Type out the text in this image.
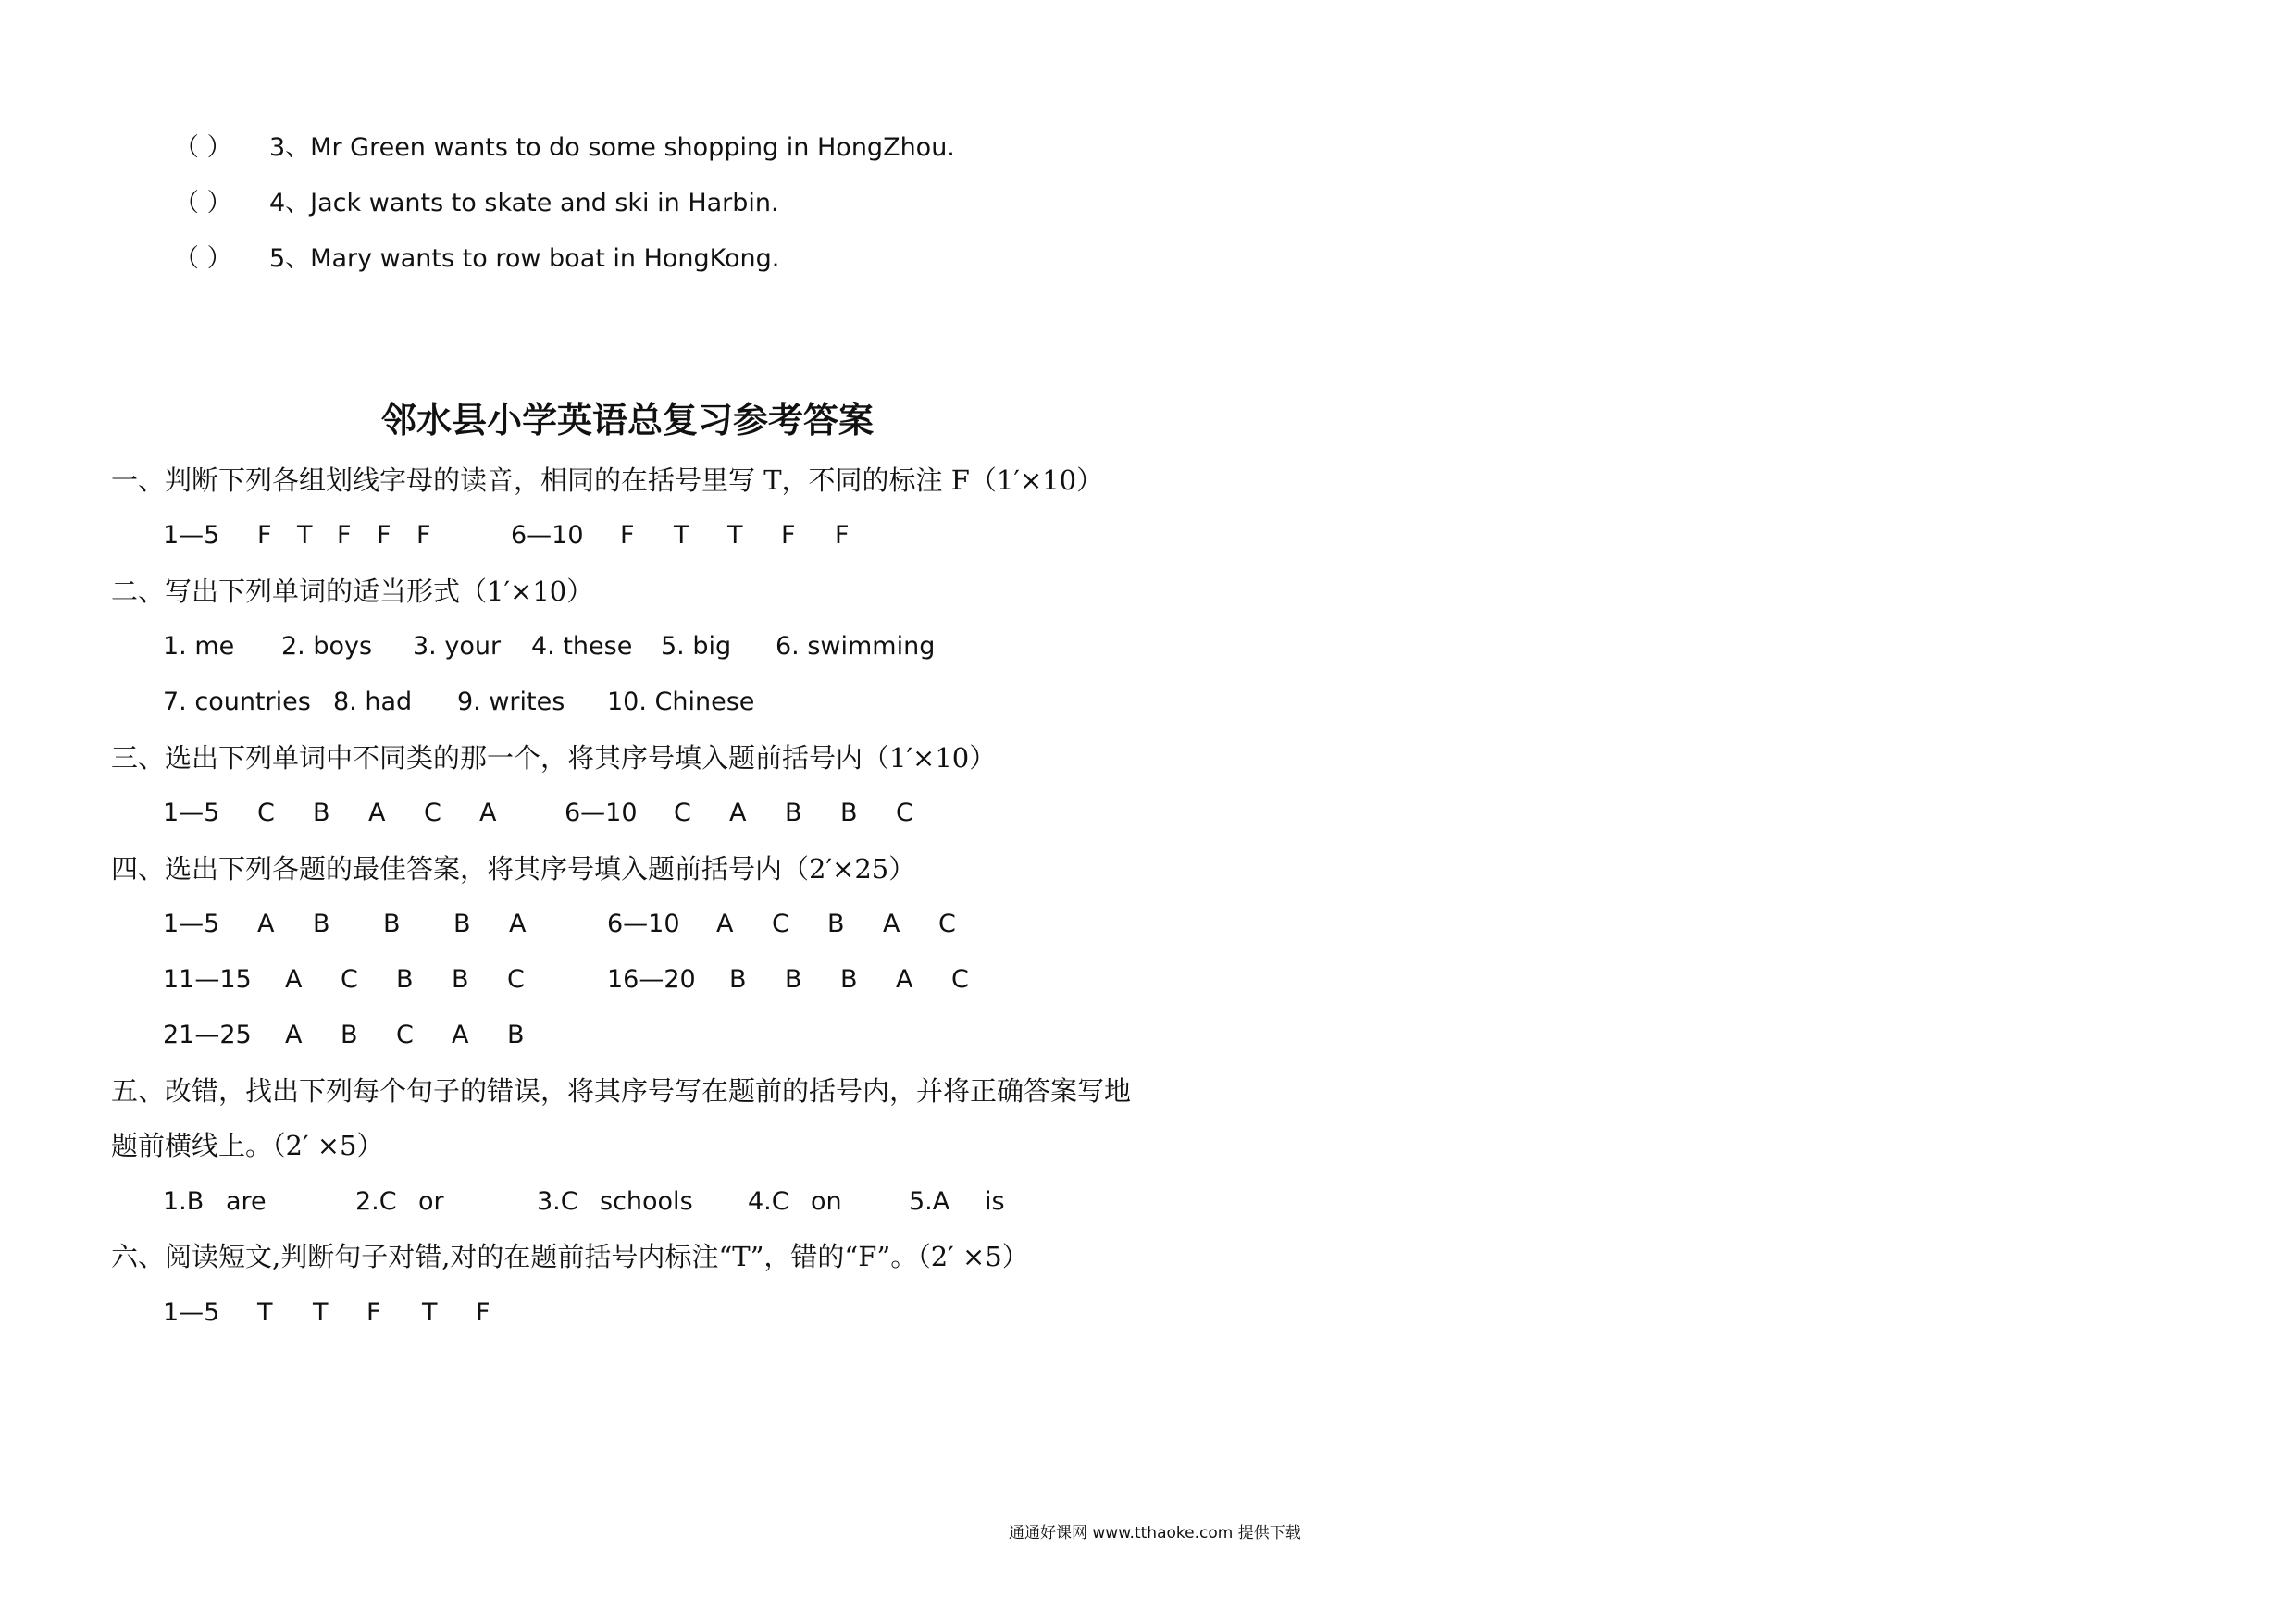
（ ） 3、Mr Green wants to do some shopping in HongZhou.
（ ） 4、Jack wants to skate and ski in Harbin.
（ ） 5、Mary wants to row boat in HongKong.
邻水县小学英语总复习参考答案
一、判断下列各组划线字母的读音，相同的在括号里写 T，不同的标注 F（1′×10）
1—5 F T F F F	6—10 F T T F F
二、写出下列单词的适当形式（1′×10）
1. me 2. boys 3. your 4. these 5. big 6. swimming
7. countries 8. had 9. writes 10. Chinese
三、选出下列单词中不同类的那一个，将其序号填入题前括号内（1′×10）
1—5 C B A C A	6—10 C A B B C
四、选出下列各题的最佳答案，将其序号填入题前括号内（2′×25）
1—5 A B B B A	6—10 A C B A C
11—15 A C B B C	16—20 B B B A C
21—25 A B C A B
五、改错，找出下列每个句子的错误，将其序号写在题前的括号内，并将正确答案写地
题前横线上。（2′ ×5）
1.B are	2.C or	3.C schools 4.C on	5.A is
六、阅读短文,判断句子对错,对的在题前括号内标注“T”，错的“F”。（2′ ×5）
1—5 T T F T F
通通好课网 www.tthaoke.com 提供下载
